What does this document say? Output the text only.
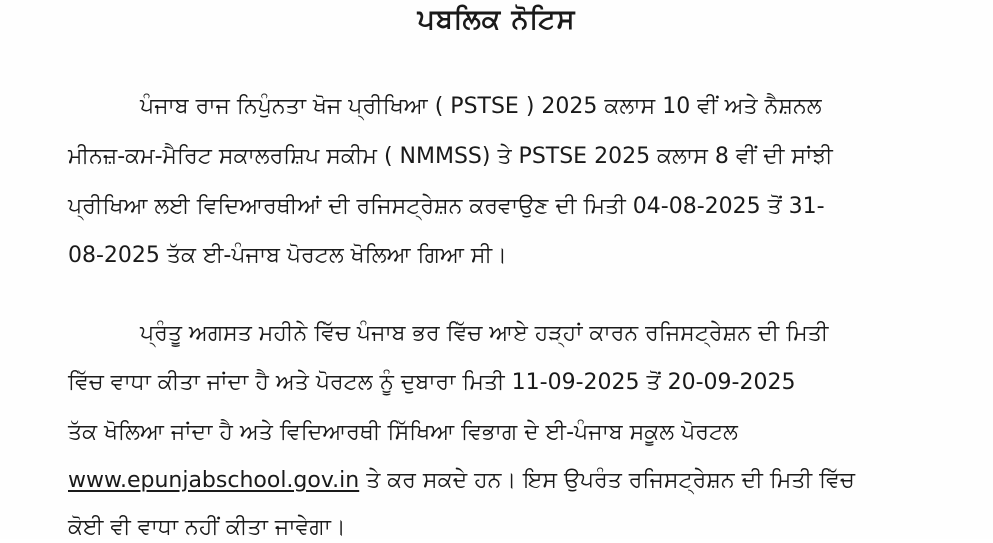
ਪਬਲਿਕ ਨੋਟਿਸ
ਪੰਜਾਬ ਰਾਜ ਨਿਪੁੰਨਤਾ ਖੋਜ ਪ੍ਰੀਖਿਆ ( PSTSE ) 2025 ਕਲਾਸ 10 ਵੀਂ ਅਤੇ ਨੈਸ਼ਨਲ
ਮੀਨਜ਼-ਕਮ-ਮੈਰਿਟ ਸਕਾਲਰਸ਼ਿਪ ਸਕੀਮ ( NMMSS) ਤੇ PSTSE 2025 ਕਲਾਸ 8 ਵੀਂ ਦੀ ਸਾਂਝੀ
ਪ੍ਰੀਖਿਆ ਲਈ ਵਿਦਿਆਰਥੀਆਂ ਦੀ ਰਜਿਸਟ੍ਰੇਸ਼ਨ ਕਰਵਾਉਣ ਦੀ ਮਿਤੀ 04-08-2025 ਤੋਂ 31-
08-2025 ਤੱਕ ਈ-ਪੰਜਾਬ ਪੋਰਟਲ ਖੋਲਿਆ ਗਿਆ ਸੀ।
ਪ੍ਰੰਤੂ ਅਗਸਤ ਮਹੀਨੇ ਵਿੱਚ ਪੰਜਾਬ ਭਰ ਵਿੱਚ ਆਏ ਹੜ੍ਹਾਂ ਕਾਰਨ ਰਜਿਸਟ੍ਰੇਸ਼ਨ ਦੀ ਮਿਤੀ
ਵਿੱਚ ਵਾਧਾ ਕੀਤਾ ਜਾਂਦਾ ਹੈ ਅਤੇ ਪੋਰਟਲ ਨੂੰ ਦੁਬਾਰਾ ਮਿਤੀ 11-09-2025 ਤੋਂ 20-09-2025
ਤੱਕ ਖੋਲਿਆ ਜਾਂਦਾ ਹੈ ਅਤੇ ਵਿਦਿਆਰਥੀ ਸਿੱਖਿਆ ਵਿਭਾਗ ਦੇ ਈ-ਪੰਜਾਬ ਸਕੂਲ ਪੋਰਟਲ
www.epunjabschool.gov.in ਤੇ ਕਰ ਸਕਦੇ ਹਨ। ਇਸ ਉਪਰੰਤ ਰਜਿਸਟ੍ਰੇਸ਼ਨ ਦੀ ਮਿਤੀ ਵਿੱਚ
ਕੋਈ ਵੀ ਵਾਧਾ ਨਹੀਂ ਕੀਤਾ ਜਾਵੇਗਾ।
